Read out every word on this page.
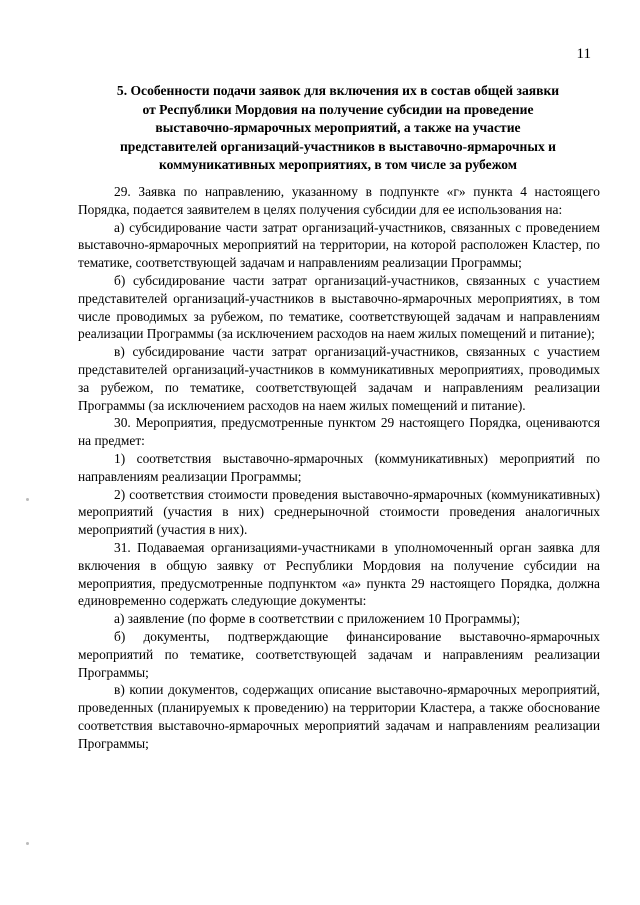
11
5. Особенности подачи заявок для включения их в состав общей заявки
от Республики Мордовия на получение субсидии на проведение
выставочно-ярмарочных мероприятий, а также на участие
представителей организаций-участников в выставочно-ярмарочных и
коммуникативных мероприятиях, в том числе за рубежом

29. Заявка по направлению, указанному в подпункте «г» пункта 4 настоящего Порядка, подается заявителем в целях получения субсидии для ее использования на:

а) субсидирование части затрат организаций-участников, связанных с проведением выставочно-ярмарочных мероприятий на территории, на которой расположен Кластер, по тематике, соответствующей задачам и направлениям реализации Программы;

б) субсидирование части затрат организаций-участников, связанных с участием представителей организаций-участников в выставочно-ярмарочных мероприятиях, в том числе проводимых за рубежом, по тематике, соответствующей задачам и направлениям реализации Программы (за исключением расходов на наем жилых помещений и питание);

в) субсидирование части затрат организаций-участников, связанных с участием представителей организаций-участников в коммуникативных мероприятиях, проводимых за рубежом, по тематике, соответствующей задачам и направлениям реализации Программы (за исключением расходов на наем жилых помещений и питание).

30. Мероприятия, предусмотренные пунктом 29 настоящего Порядка, оцениваются на предмет:

1) соответствия выставочно-ярмарочных (коммуникативных) мероприятий по направлениям реализации Программы;

2) соответствия стоимости проведения выставочно-ярмарочных (коммуникативных) мероприятий (участия в них) среднерыночной стоимости проведения аналогичных мероприятий (участия в них).

31. Подаваемая организациями-участниками в уполномоченный орган заявка для включения в общую заявку от Республики Мордовия на получение субсидии на мероприятия, предусмотренные подпунктом «а» пункта 29 настоящего Порядка, должна единовременно содержать следующие документы:

а) заявление (по форме в соответствии с приложением 10 Программы);

б) документы, подтверждающие финансирование выставочно-ярмарочных мероприятий по тематике, соответствующей задачам и направлениям реализации Программы;

в) копии документов, содержащих описание выставочно-ярмарочных мероприятий, проведенных (планируемых к проведению) на территории Кластера, а также обоснование соответствия выставочно-ярмарочных мероприятий задачам и направлениям реализации Программы;
